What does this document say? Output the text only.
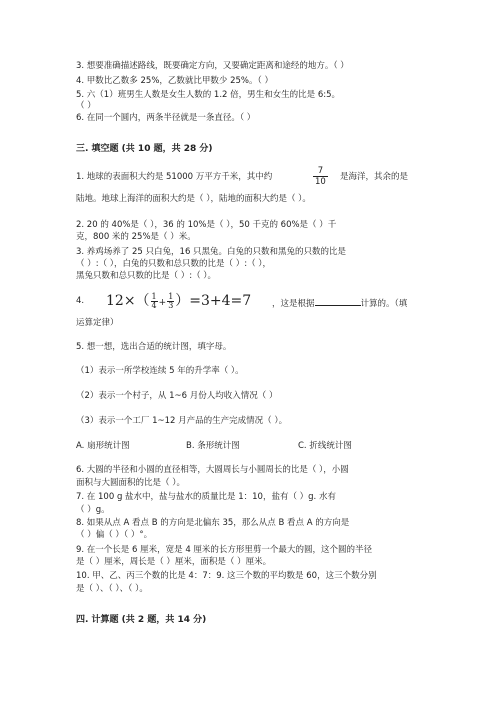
3. 想要准确描述路线，既要确定方向，又要确定距离和途经的地方。（ ）
4. 甲数比乙数多 25%，乙数就比甲数少 25%。（ ）
5. 六（1）班男生人数是女生人数的 1.2 倍，男生和女生的比是 6:5。
（ ）
6. 在同一个圆内，两条半径就是一条直径。（ ）
三. 填空题 (共 10 题，共 28 分)
1. 地球的表面积大约是 51000 万平方千米，其中约	$\frac{7}{10}$ 是海洋，其余的是
陆地。地球上海洋的面积大约是（ ），陆地的面积大约是（ ）。
2. 20 的 40%是（ ），36 的 10%是（ ），50 千克的 60%是（ ）千
克，800 米的 25%是（ ）米。
3. 养鸡场养了 25 只白兔，16 只黑兔。白兔的只数和黑兔的只数的比是
（ ）:（ ），白兔的只数和总只数的比是（ ）:（ ），
黑兔只数和总只数的比是（ ）:（ ）。
4. $12\times( \frac{1}{4} + \frac{1}{3} )=3+4=7$ ，这是根据	计算的。（填
运算定律）
5. 想一想，选出合适的统计图，填字母。
（1）表示一所学校连续 5 年的升学率（ ）。
（2）表示一个村子，从 1~6 月份人均收入情况（ ）
（3）表示一个工厂 1~12 月产品的生产完成情况（ ）。
A. 扇形统计图	B. 条形统计图	C. 折线统计图
6. 大圆的半径和小圆的直径相等，大圆周长与小圆周长的比是（ ），小圆
面积与大圆面积的比是（ ）。
7. 在 100 g 盐水中，盐与盐水的质量比是 1：10，盐有（ ）g. 水有
（ ）g。
8. 如果从点 A 看点 B 的方向是北偏东 35，那么从点 B 看点 A 的方向是
（ ）偏（ ）（ ）°。
9. 在一个长是 6 厘米，宽是 4 厘米的长方形里剪一个最大的圆，这个圆的半径
是（ ）厘米，周长是（ ）厘米，面积是（ ）厘米。
10. 甲、乙、丙三个数的比是 4：7：9. 这三个数的平均数是 60，这三个数分别
是（ ）、（ ）、（ ）。
四. 计算题 (共 2 题，共 14 分)
